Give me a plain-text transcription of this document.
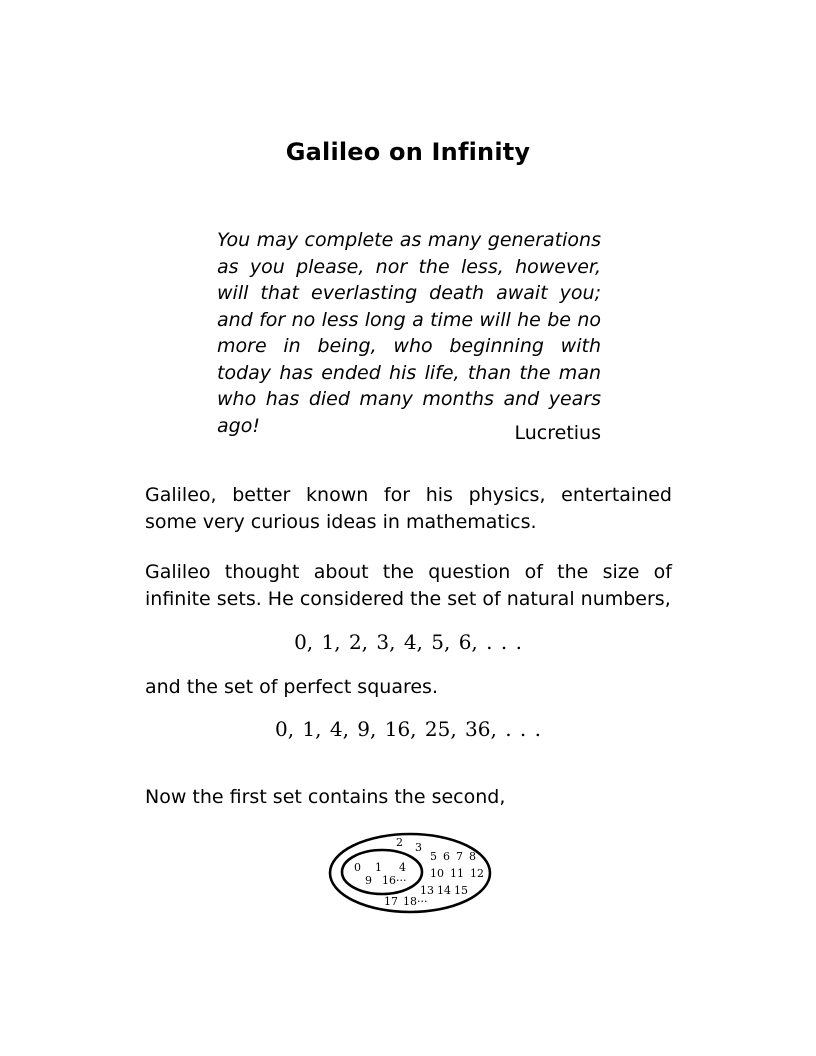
Galileo on Infinity

You may complete as many generations as you please, nor the less, however, will that everlasting death await you; and for no less long a time will he be no more in being, who beginning with today has ended his life, than the man who has died many months and years ago!	Lucretius

Galileo, better known for his physics, entertained some very curious ideas in mathematics.

Galileo thought about the question of the size of infinite sets. He considered the set of natural numbers,

0, 1, 2, 3, 4, 5, 6, . . .

and the set of perfect squares.

0, 1, 4, 9, 16, 25, 36, . . .

Now the first set contains the second,

0 1 4
9 16···
2 3
5 6 7 8
10 11 12
13 14 15
17 18···
